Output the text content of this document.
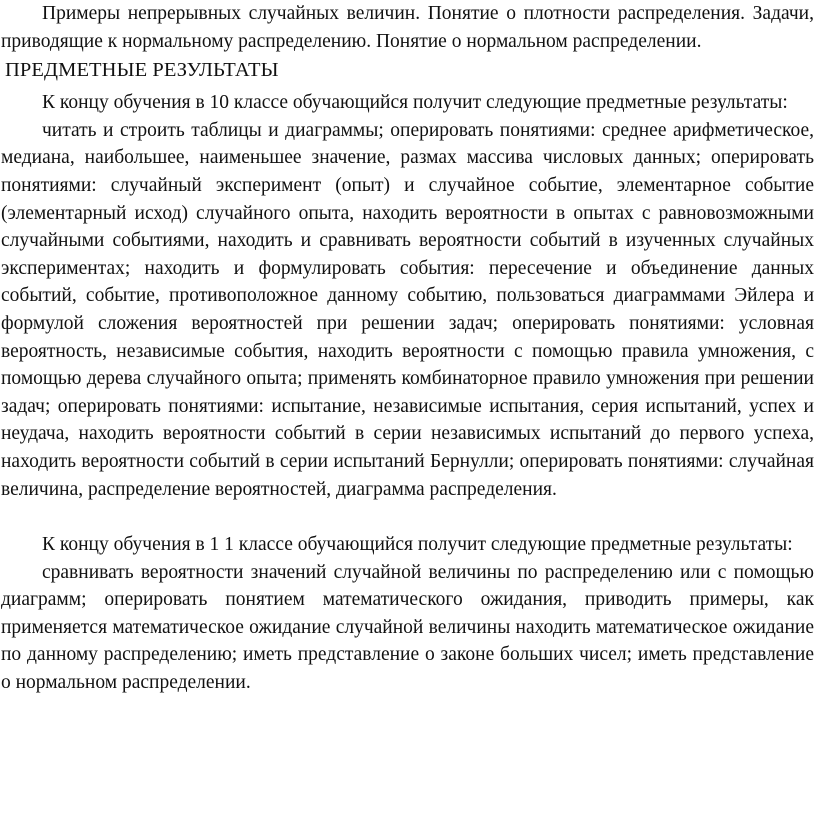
Примеры непрерывных случайных величин. Понятие о плотности распределения. Задачи, приводящие к нормальному распределению. Понятие о нормальном распределении.

ПРЕДМЕТНЫЕ РЕЗУЛЬТАТЫ

К концу обучения в 10 классе обучающийся получит следующие предметные результаты:

читать и строить таблицы и диаграммы; оперировать понятиями: среднее арифметическое, медиана, наибольшее, наименьшее значение, размах массива числовых данных; оперировать понятиями: случайный эксперимент (опыт) и случайное событие, элементарное событие (элементарный исход) случайного опыта, находить вероятности в опытах с равновозможными случайными событиями, находить и сравнивать вероятности событий в изученных случайных экспериментах; находить и формулировать события: пересечение и объединение данных событий, событие, противоположное данному событию, пользоваться диаграммами Эйлера и формулой сложения вероятностей при решении задач; оперировать понятиями: условная вероятность, независимые события, находить вероятности с помощью правила умножения, с помощью дерева случайного опыта; применять комбинаторное правило умножения при решении задач; оперировать понятиями: испытание, независимые испытания, серия испытаний, успех и неудача, находить вероятности событий в серии независимых испытаний до первого успеха, находить вероятности событий в серии испытаний Бернулли; оперировать понятиями: случайная величина, распределение вероятностей, диаграмма распределения.

К концу обучения в 1 1 классе обучающийся получит следующие предметные результаты:

сравнивать вероятности значений случайной величины по распределению или с помощью диаграмм; оперировать понятием математического ожидания, приводить примеры, как применяется математическое ожидание случайной величины находить математическое ожидание по данному распределению; иметь представление о законе больших чисел; иметь представление о нормальном распределении.
